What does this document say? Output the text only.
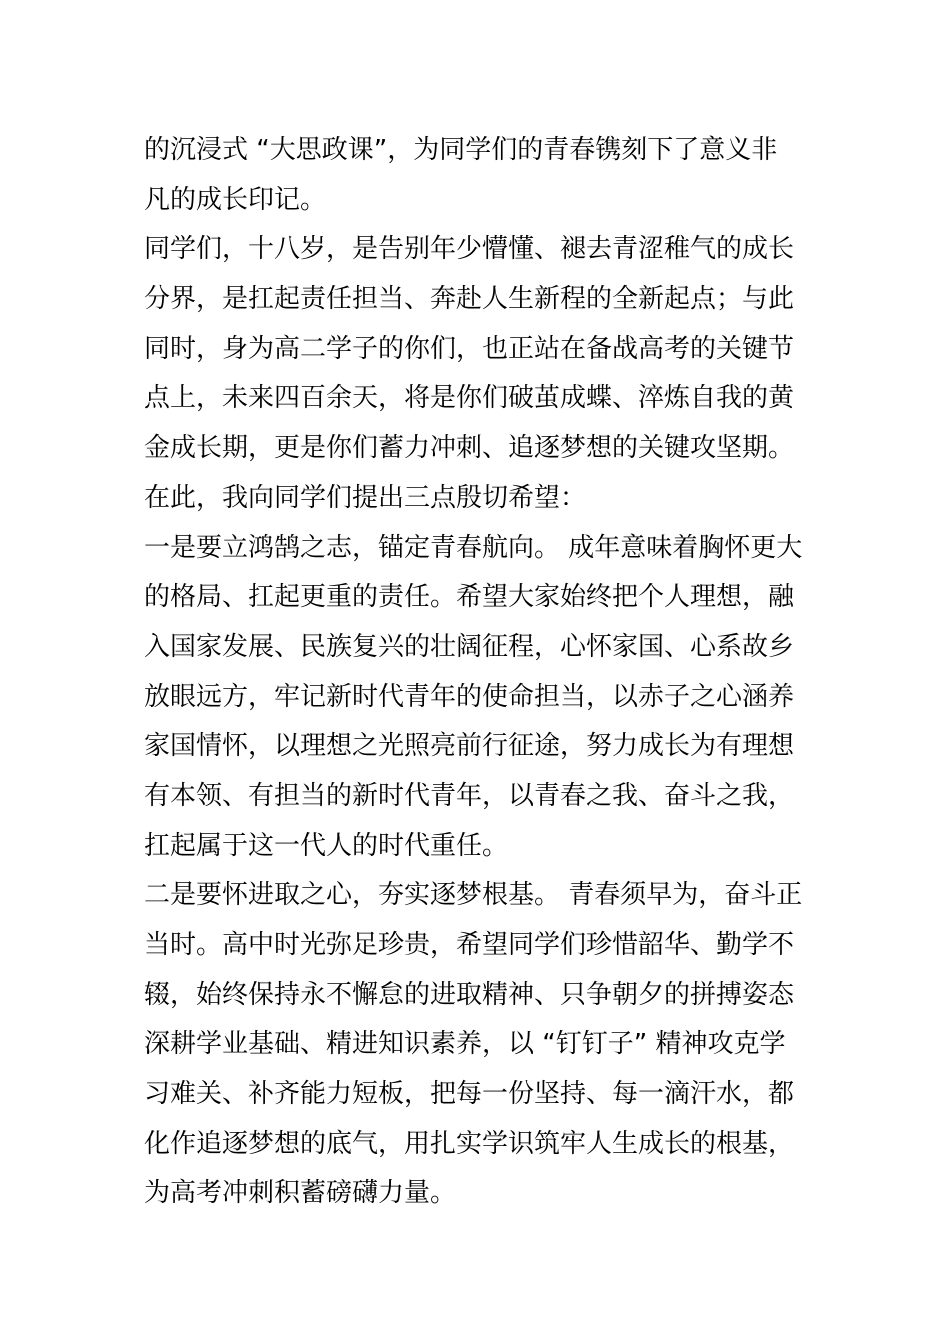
的沉浸式 “大思政课”，为同学们的青春镌刻下了意义非
凡的成长印记。
同学们，十八岁，是告别年少懵懂、褪去青涩稚气的成长
分界，是扛起责任担当、奔赴人生新程的全新起点；与此
同时，身为高二学子的你们，也正站在备战高考的关键节
点上，未来四百余天，将是你们破茧成蝶、淬炼自我的黄
金成长期，更是你们蓄力冲刺、追逐梦想的关键攻坚期。
在此，我向同学们提出三点殷切希望：
一是要立鸿鹄之志，锚定青春航向。 成年意味着胸怀更大
的格局、扛起更重的责任。希望大家始终把个人理想，融
入国家发展、民族复兴的壮阔征程，心怀家国、心系故乡
放眼远方，牢记新时代青年的使命担当，以赤子之心涵养
家国情怀，以理想之光照亮前行征途，努力成长为有理想
有本领、有担当的新时代青年，以青春之我、奋斗之我，
扛起属于这一代人的时代重任。
二是要怀进取之心，夯实逐梦根基。 青春须早为，奋斗正
当时。高中时光弥足珍贵，希望同学们珍惜韶华、勤学不
辍，始终保持永不懈怠的进取精神、只争朝夕的拼搏姿态
深耕学业基础、精进知识素养，以 “钉钉子” 精神攻克学
习难关、补齐能力短板，把每一份坚持、每一滴汗水，都
化作追逐梦想的底气，用扎实学识筑牢人生成长的根基，
为高考冲刺积蓄磅礴力量。
